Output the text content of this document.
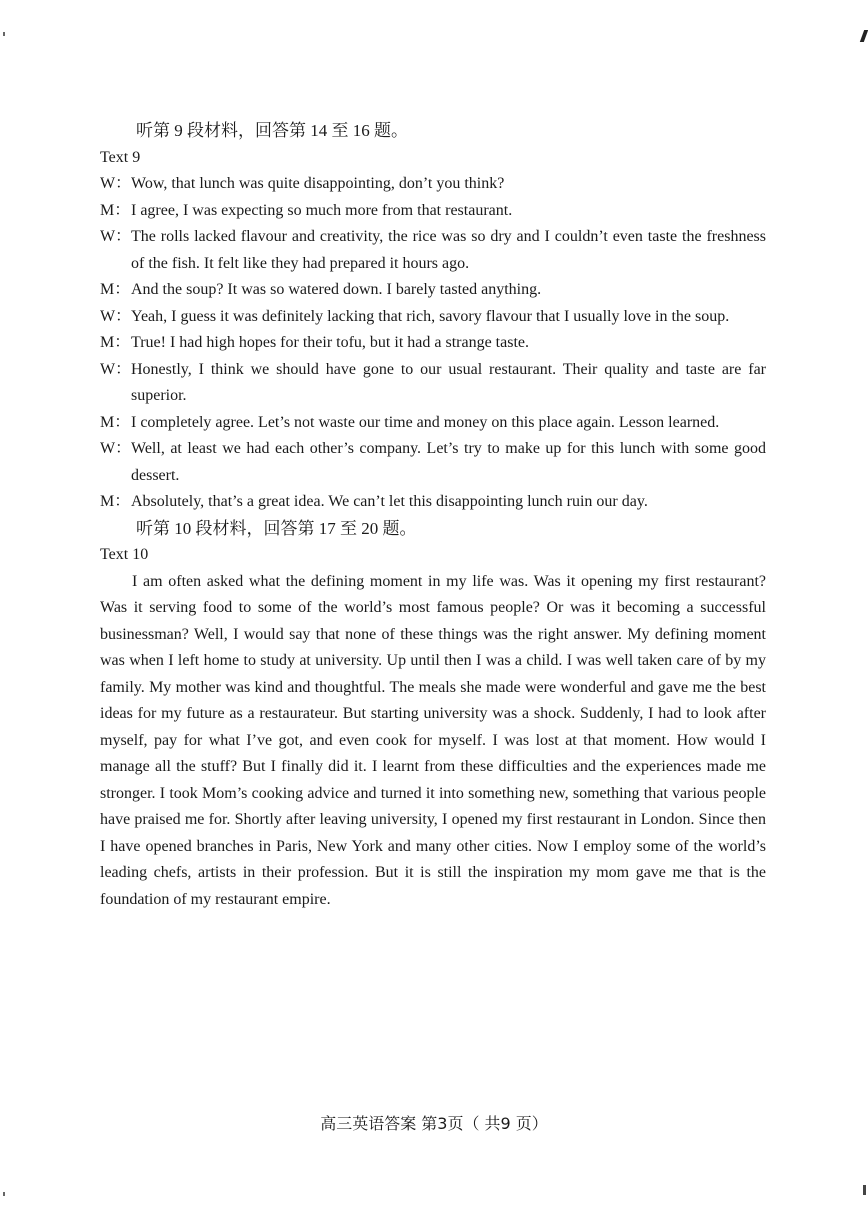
听第 9 段材料，回答第 14 至 16 题。
Text 9
W： Wow, that lunch was quite disappointing, don’t you think?
M： I agree, I was expecting so much more from that restaurant.
W： The rolls lacked flavour and creativity, the rice was so dry and I couldn’t even taste the freshness of the fish. It felt like they had prepared it hours ago.
M： And the soup? It was so watered down. I barely tasted anything.
W： Yeah, I guess it was definitely lacking that rich, savory flavour that I usually love in the soup.
M： True! I had high hopes for their tofu, but it had a strange taste.
W： Honestly, I think we should have gone to our usual restaurant. Their quality and taste are far superior.
M： I completely agree. Let’s not waste our time and money on this place again. Lesson learned.
W： Well, at least we had each other’s company. Let’s try to make up for this lunch with some good dessert.
M： Absolutely, that’s a great idea. We can’t let this disappointing lunch ruin our day.
听第 10 段材料，回答第 17 至 20 题。
Text 10
I am often asked what the defining moment in my life was. Was it opening my first restaurant? Was it serving food to some of the world’s most famous people? Or was it becoming a successful businessman? Well, I would say that none of these things was the right answer. My defining moment was when I left home to study at university. Up until then I was a child. I was well taken care of by my family. My mother was kind and thoughtful. The meals she made were wonderful and gave me the best ideas for my future as a restaurateur. But starting university was a shock. Suddenly, I had to look after myself, pay for what I’ve got, and even cook for myself. I was lost at that moment. How would I manage all the stuff? But I finally did it. I learnt from these difficulties and the experiences made me stronger. I took Mom’s cooking advice and turned it into something new, something that various people have praised me for. Shortly after leaving university, I opened my first restaurant in London. Since then I have opened branches in Paris, New York and many other cities. Now I employ some of the world’s leading chefs, artists in their profession. But it is still the inspiration my mom gave me that is the foundation of my restaurant empire.
高三英语答案 第3页（ 共9 页）
